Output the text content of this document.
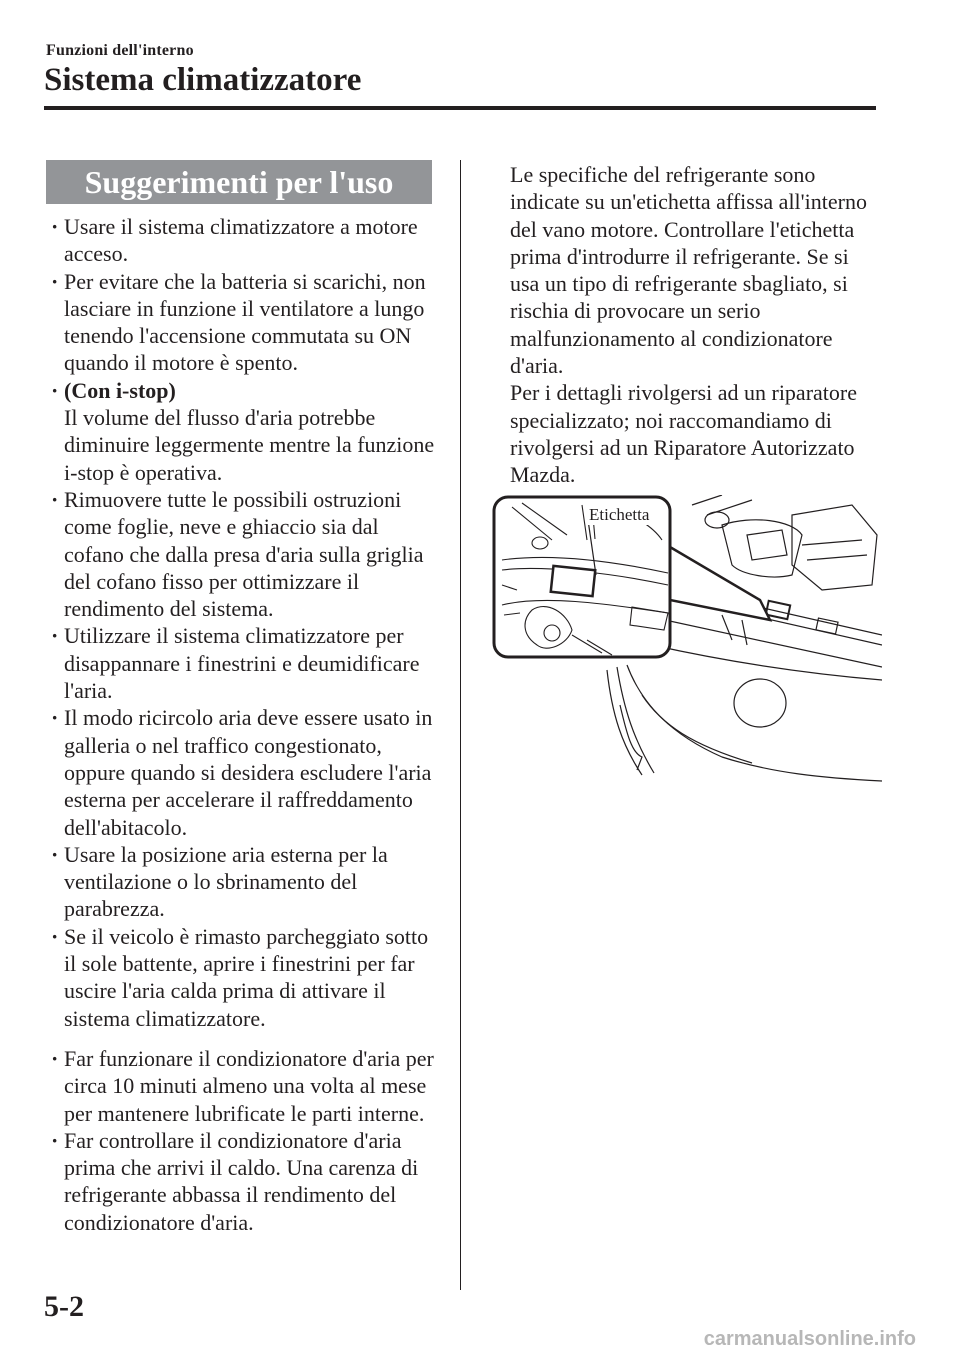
Funzioni dell'interno
Sistema climatizzatore
Suggerimenti per l'uso
· Usare il sistema climatizzatore a motore acceso.
· Per evitare che la batteria si scarichi, non lasciare in funzione il ventilatore a lungo tenendo l'accensione commutata su ON quando il motore è spento.
· (Con i-stop)
Il volume del flusso d'aria potrebbe diminuire leggermente mentre la funzione i-stop è operativa.
· Rimuovere tutte le possibili ostruzioni come foglie, neve e ghiaccio sia dal cofano che dalla presa d'aria sulla griglia del cofano fisso per ottimizzare il rendimento del sistema.
· Utilizzare il sistema climatizzatore per disappannare i finestrini e deumidificare l'aria.
· Il modo ricircolo aria deve essere usato in galleria o nel traffico congestionato, oppure quando si desidera escludere l'aria esterna per accelerare il raffreddamento dell'abitacolo.
· Usare la posizione aria esterna per la ventilazione o lo sbrinamento del parabrezza.
· Se il veicolo è rimasto parcheggiato sotto il sole battente, aprire i finestrini per far uscire l'aria calda prima di attivare il sistema climatizzatore.
· Far funzionare il condizionatore d'aria per circa 10 minuti almeno una volta al mese per mantenere lubrificate le parti interne.
· Far controllare il condizionatore d'aria prima che arrivi il caldo. Una carenza di refrigerante abbassa il rendimento del condizionatore d'aria.

Le specifiche del refrigerante sono indicate su un'etichetta affissa all'interno del vano motore. Controllare l'etichetta prima d'introdurre il refrigerante. Se si usa un tipo di refrigerante sbagliato, si rischia di provocare un serio malfunzionamento al condizionatore d'aria.

Per i dettagli rivolgersi ad un riparatore specializzato; noi raccomandiamo di rivolgersi ad un Riparatore Autorizzato Mazda.

Etichetta
5-2
carmanualsonline.info
